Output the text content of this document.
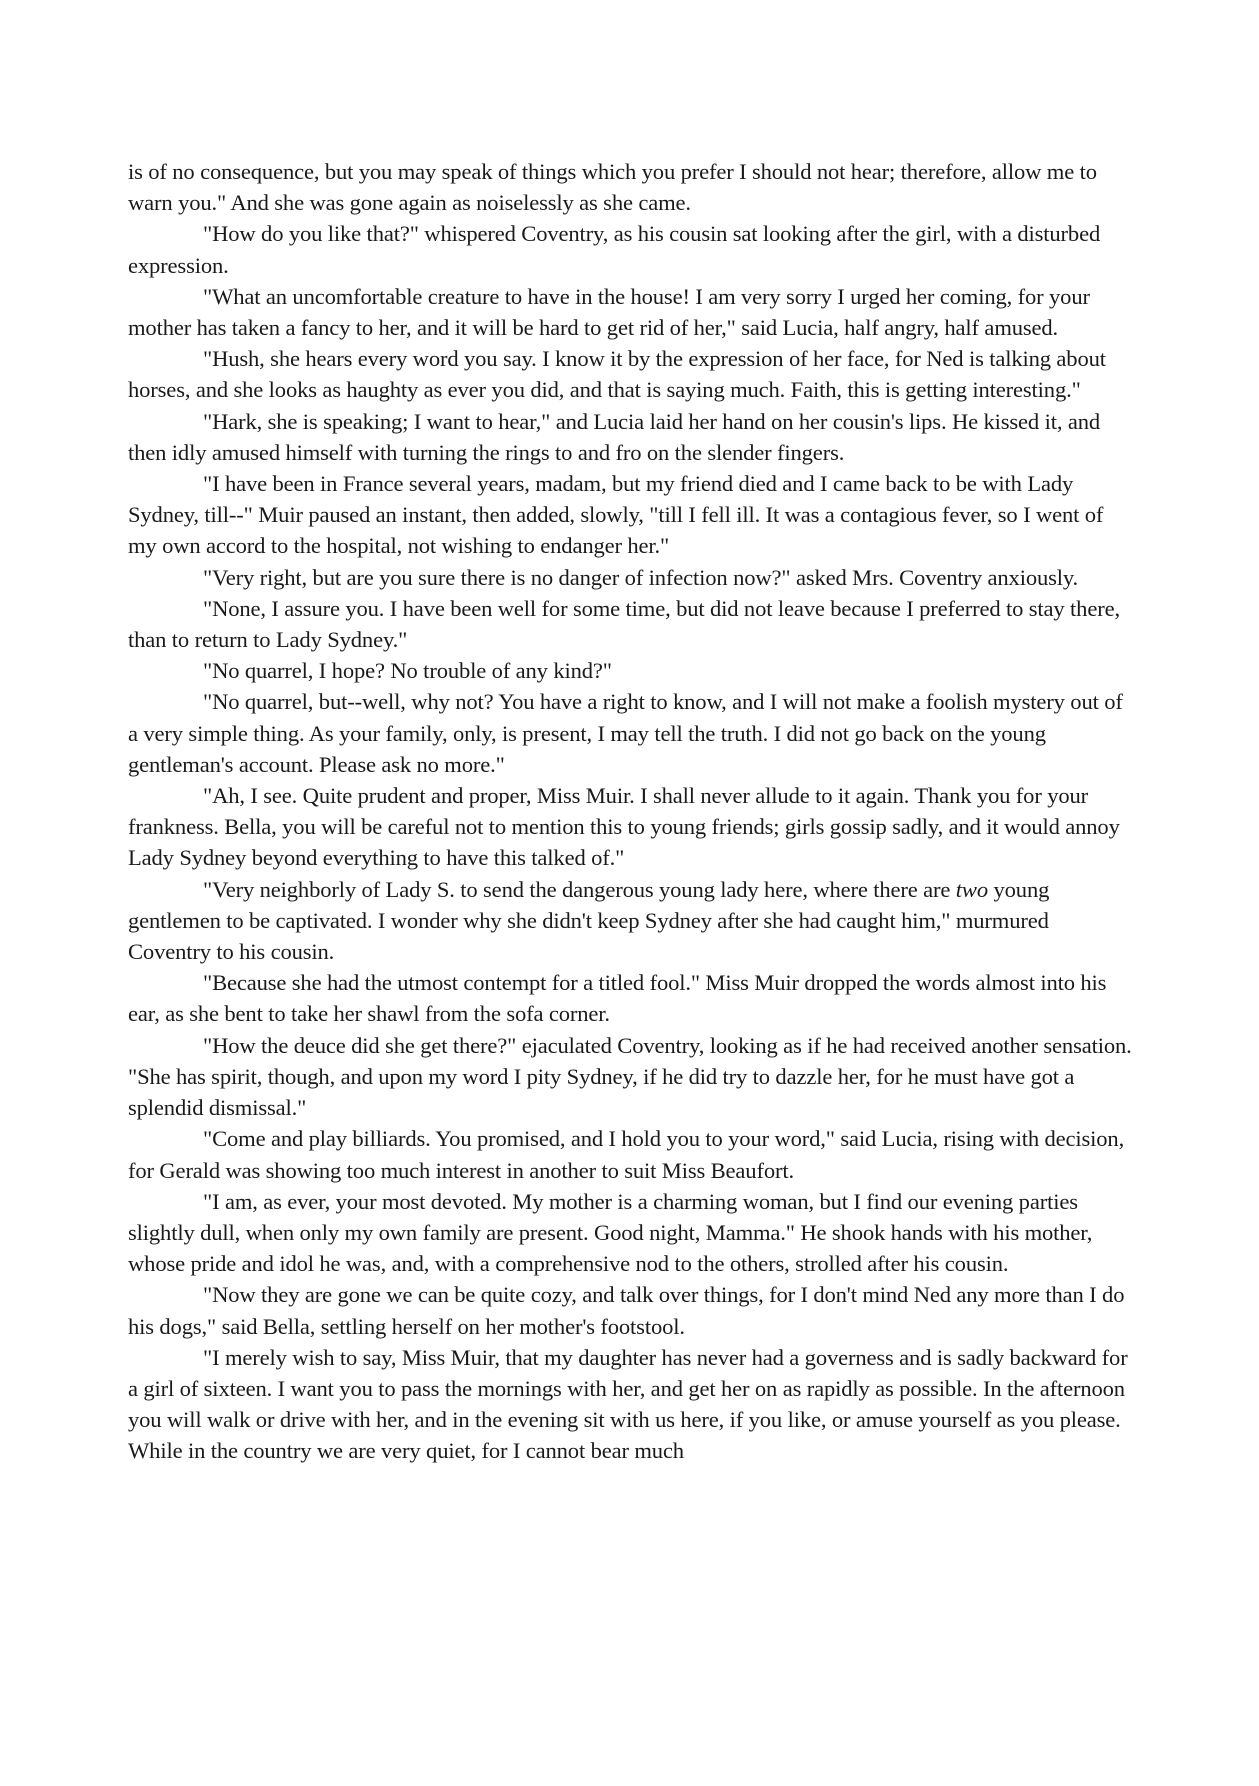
is of no consequence, but you may speak of things which you prefer I should not hear; therefore, allow me to warn you." And she was gone again as noiselessly as she came.

"How do you like that?" whispered Coventry, as his cousin sat looking after the girl, with a disturbed expression.

"What an uncomfortable creature to have in the house! I am very sorry I urged her coming, for your mother has taken a fancy to her, and it will be hard to get rid of her," said Lucia, half angry, half amused.

"Hush, she hears every word you say. I know it by the expression of her face, for Ned is talking about horses, and she looks as haughty as ever you did, and that is saying much. Faith, this is getting interesting."

"Hark, she is speaking; I want to hear," and Lucia laid her hand on her cousin's lips. He kissed it, and then idly amused himself with turning the rings to and fro on the slender fingers.

"I have been in France several years, madam, but my friend died and I came back to be with Lady Sydney, till--" Muir paused an instant, then added, slowly, "till I fell ill. It was a contagious fever, so I went of my own accord to the hospital, not wishing to endanger her."

"Very right, but are you sure there is no danger of infection now?" asked Mrs. Coventry anxiously.

"None, I assure you. I have been well for some time, but did not leave because I preferred to stay there, than to return to Lady Sydney."

"No quarrel, I hope? No trouble of any kind?"

"No quarrel, but--well, why not? You have a right to know, and I will not make a foolish mystery out of a very simple thing. As your family, only, is present, I may tell the truth. I did not go back on the young gentleman's account. Please ask no more."

"Ah, I see. Quite prudent and proper, Miss Muir. I shall never allude to it again. Thank you for your frankness. Bella, you will be careful not to mention this to young friends; girls gossip sadly, and it would annoy Lady Sydney beyond everything to have this talked of."

"Very neighborly of Lady S. to send the dangerous young lady here, where there are two young gentlemen to be captivated. I wonder why she didn't keep Sydney after she had caught him," murmured Coventry to his cousin.

"Because she had the utmost contempt for a titled fool." Miss Muir dropped the words almost into his ear, as she bent to take her shawl from the sofa corner.

"How the deuce did she get there?" ejaculated Coventry, looking as if he had received another sensation. "She has spirit, though, and upon my word I pity Sydney, if he did try to dazzle her, for he must have got a splendid dismissal."

"Come and play billiards. You promised, and I hold you to your word," said Lucia, rising with decision, for Gerald was showing too much interest in another to suit Miss Beaufort.

"I am, as ever, your most devoted. My mother is a charming woman, but I find our evening parties slightly dull, when only my own family are present. Good night, Mamma." He shook hands with his mother, whose pride and idol he was, and, with a comprehensive nod to the others, strolled after his cousin.

"Now they are gone we can be quite cozy, and talk over things, for I don't mind Ned any more than I do his dogs," said Bella, settling herself on her mother's footstool.

"I merely wish to say, Miss Muir, that my daughter has never had a governess and is sadly backward for a girl of sixteen. I want you to pass the mornings with her, and get her on as rapidly as possible. In the afternoon you will walk or drive with her, and in the evening sit with us here, if you like, or amuse yourself as you please. While in the country we are very quiet, for I cannot bear much
